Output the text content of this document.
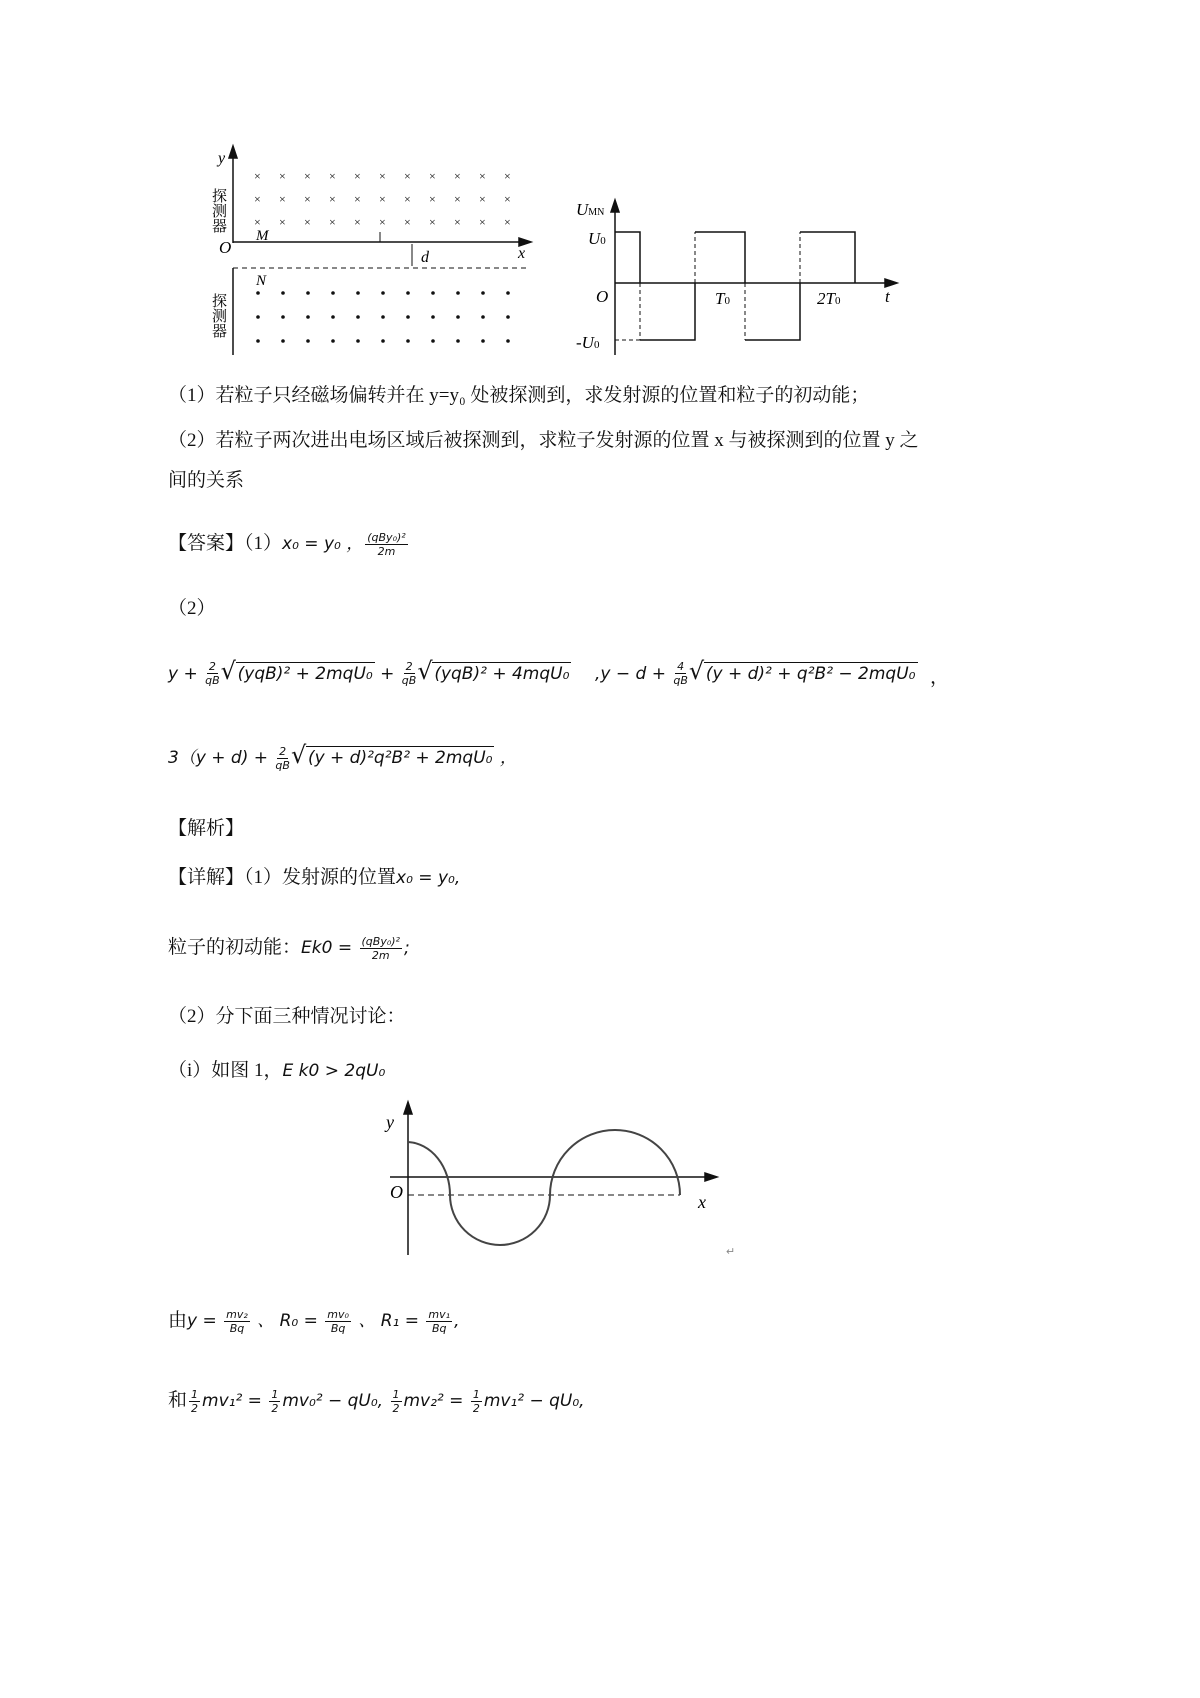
× × × × × × × × × × ×
× × × × × × × × × × ×
× × × × × × × × × × ×
y
探测器
O
M
x
d
N
探测器
UMN
U0
-U0
O	T0	2T0	t
（1）若粒子只经磁场偏转并在 y=y₀ 处被探测到，求发射源的位置和粒子的初动能；
（2）若粒子两次进出电场区域后被探测到，求粒子发射源的位置 x 与被探测到的位置 y 之
间的关系
【答案】（1）x₀ = y₀ ， $\frac{\text{(qBy₀)²}}{2m}$
（2）
$y + \frac{2}{qB}$ √ $(yqB)^2 + 2mqU_0 + \frac{2}{qB}$ √ (yqB)² + 4mqU₀ $,y - d + \frac{4}{qB}$ √ (y + d)² + q²B² − 2mqU₀ ，
$3(y + d) + \frac{2}{qB}$ √ (y + d)²q²B² + 2mqU₀ ，
【解析】
【详解】（1）发射源的位置x₀ = y₀,
粒子的初动能：$Ek0 = \frac{\text{(qBy₀)²}}{2m}$ ;
（2）分下面三种情况讨论：
（i）如图 1，E k0 > 2qU₀
y
O	x
↵
由$y = \frac{\text{mv₂}}{Bq}$ 、 $R_0 = \frac{\text{mv₀}}{Bq}$ 、 $R_1 = \frac{\text{mv₁}}{Bq}$ ,
和 $\frac{1}{2} mv_1^2 = \frac{1}{2} mv_0^2 - qU_0$, $\frac{1}{2} mv_2^2 = \frac{1}{2} mv_1^2 - qU_0$,
